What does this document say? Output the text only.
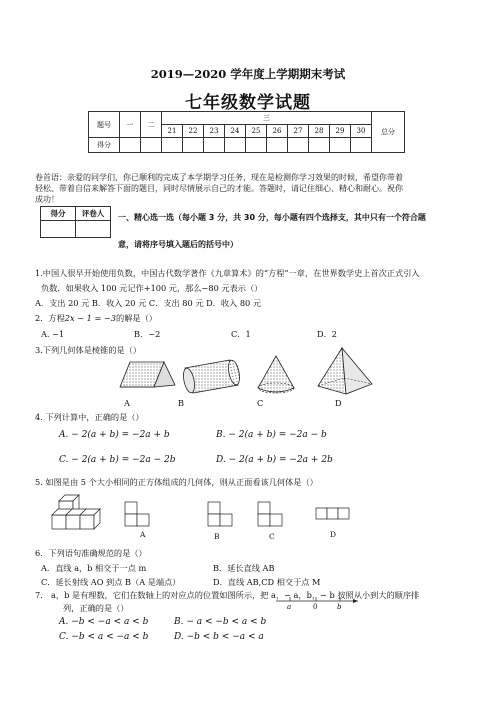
2019—2020 学年度上学期期末考试
七年级数学试题
题号	一	二	三										总分
			21	22	23	24	25	26	27	28	29	30	
得分													
卷首语：亲爱的同学们，你已顺利的完成了本学期学习任务，现在是检测你学习效果的时候，希望你带着
轻松、带着自信来解答下面的题目，同时尽情展示自己的才能。答题时，请记住细心、精心和耐心。祝你
成功！
得分	评卷人
	一、精心选一选（每小题 3 分，共 30 分，每小题有四个选择支，其中只有一个符合题
意，请将序号填入题后的括号中）
1.中国人很早开始使用负数，中国古代数学著作《九章算术》的“方程”一章，在世界数学史上首次正式引入
负数．如果收入 100 元记作+100 元，那么−80 元表示（）
A．支出 20 元 B．收入 20 元 C．支出 80 元 D．收入 80 元
2．方程2x − 1 = −3的解是（）
A. −1	B．−2	C．1	D．2
3.下列几何体是棱锥的是（）
A	B	C	D
4. 下列计算中，正确的是（）
A. − 2(a + b) = −2a + b	B. − 2(a + b) = −2a − b
C. − 2(a + b) = −2a − 2b	D. − 2(a + b) = −2a + 2b
5. 如图是由 5 个大小相同的正方体组成的几何体，则从正面看该几何体是（）
A	B	C	D
6．下列语句准确规范的是（）
A．直线 a，b 相交于一点 m	B．延长直线 AB
C．延长射线 AO 到点 B（A 是端点）	D．直线 AB,CD 相交于点 M
7． a，b 是有理数，它们在数轴上的对应点的位置如图所示，把 a，− a，b，− b 按照从小到大的顺序排
列，正确的是（）
A. −b < −a < a < b	B. − a < −b < a < b
C. −b < a < −a < b	D. −b < b < −a < a
a	0	b
